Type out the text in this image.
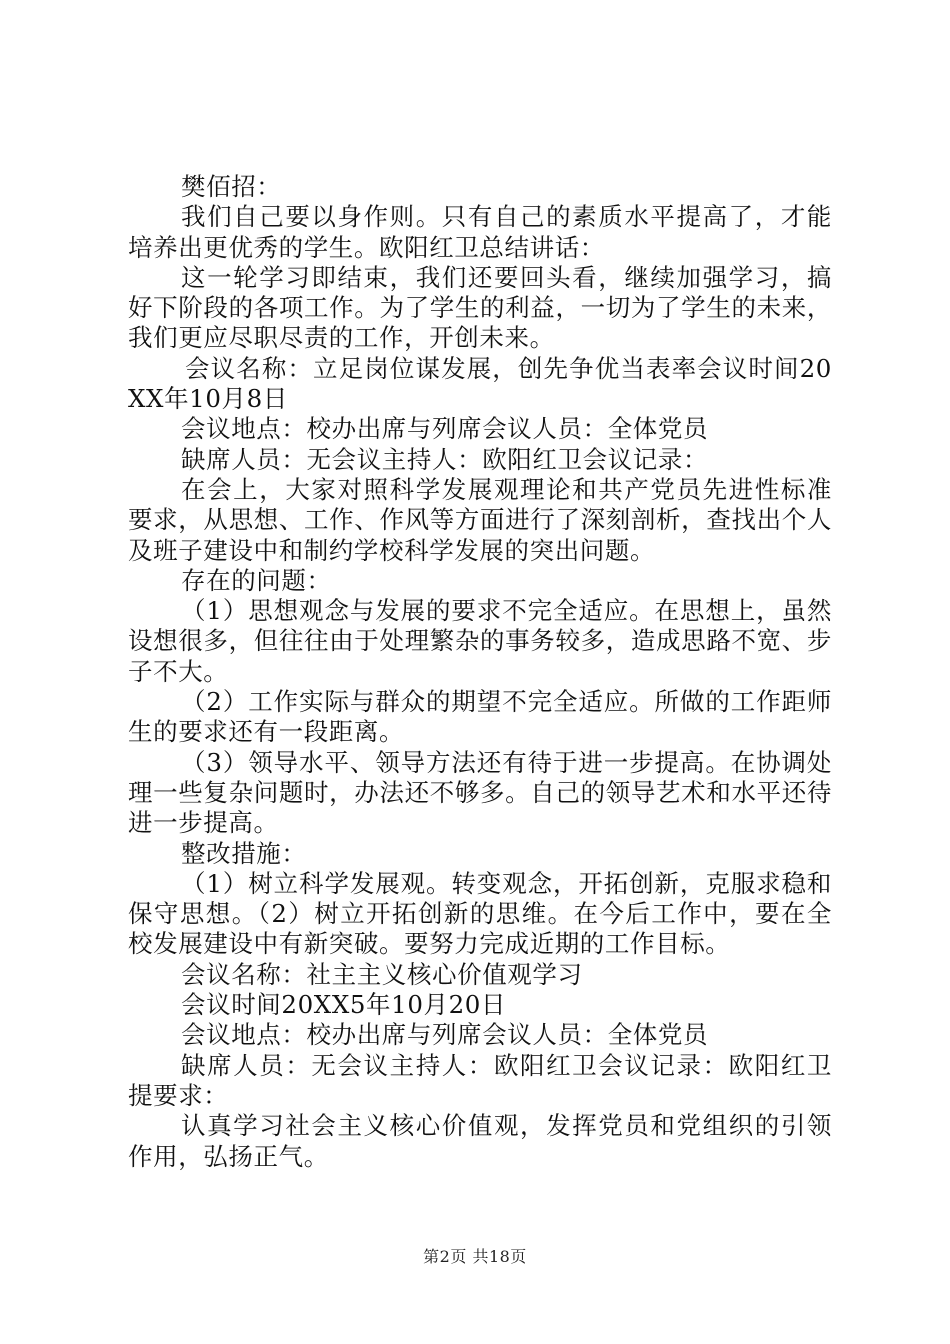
樊佰招：

我们自己要以身作则。只有自己的素质水平提高了，才能培养出更优秀的学生。欧阳红卫总结讲话：

这一轮学习即结束，我们还要回头看，继续加强学习，搞好下阶段的各项工作。为了学生的利益，一切为了学生的未来，我们更应尽职尽责的工作，开创未来。

会议名称：立足岗位谋发展，创先争优当表率会议时间20XX年10月8日

会议地点：校办出席与列席会议人员：全体党员

缺席人员：无会议主持人：欧阳红卫会议记录：

在会上，大家对照科学发展观理论和共产党员先进性标准要求，从思想、工作、作风等方面进行了深刻剖析，查找出个人及班子建设中和制约学校科学发展的突出问题。

存在的问题：

（1）思想观念与发展的要求不完全适应。在思想上，虽然设想很多，但往往由于处理繁杂的事务较多，造成思路不宽、步子不大。

（2）工作实际与群众的期望不完全适应。所做的工作距师生的要求还有一段距离。

（3）领导水平、领导方法还有待于进一步提高。在协调处理一些复杂问题时，办法还不够多。自己的领导艺术和水平还待进一步提高。

整改措施：

（1）树立科学发展观。转变观念，开拓创新，克服求稳和保守思想。（2）树立开拓创新的思维。在今后工作中，要在全校发展建设中有新突破。要努力完成近期的工作目标。

会议名称：社主主义核心价值观学习

会议时间20XX5年10月20日

会议地点：校办出席与列席会议人员：全体党员

缺席人员：无会议主持人：欧阳红卫会议记录：欧阳红卫提要求：

认真学习社会主义核心价值观，发挥党员和党组织的引领作用，弘扬正气。

第2页 共18页
